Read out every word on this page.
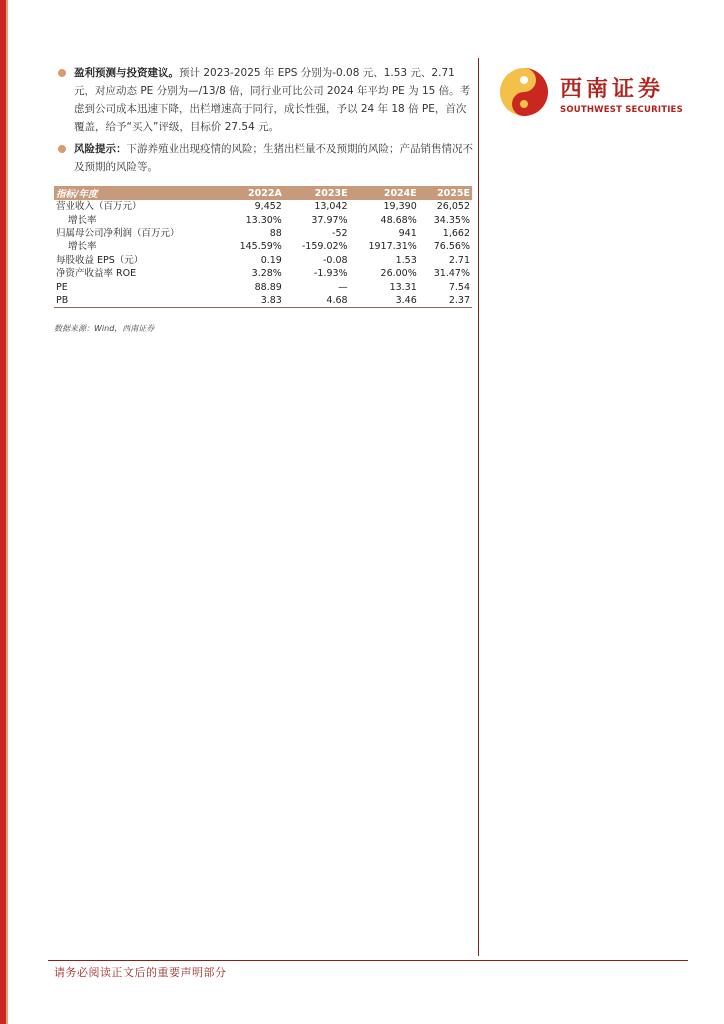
西南证券
SOUTHWEST SECURITIES
盈利预测与投资建议。预计 2023-2025 年 EPS 分别为-0.08 元、1.53 元、2.71 元，对应动态 PE 分别为—/13/8 倍，同行业可比公司 2024 年平均 PE 为 15 倍。考虑到公司成本迅速下降，出栏增速高于同行，成长性强，予以 24 年 18 倍 PE，首次覆盖，给予“买入”评级，目标价 27.54 元。
风险提示：下游养殖业出现疫情的风险；生猪出栏量不及预期的风险；产品销售情况不及预期的风险等。
指标/年度	2022A	2023E	2024E	2025E
营业收入（百万元）	9,452	13,042	19,390	26,052
增长率	13.30%	37.97%	48.68%	34.35%
归属母公司净利润（百万元）	88	-52	941	1,662
增长率	145.59%	-159.02%	1917.31%	76.56%
每股收益 EPS（元）	0.19	-0.08	1.53	2.71
净资产收益率 ROE	3.28%	-1.93%	26.00%	31.47%
PE	88.89	—	13.31	7.54
PB	3.83	4.68	3.46	2.37
数据来源：Wind，西南证券
请务必阅读正文后的重要声明部分
